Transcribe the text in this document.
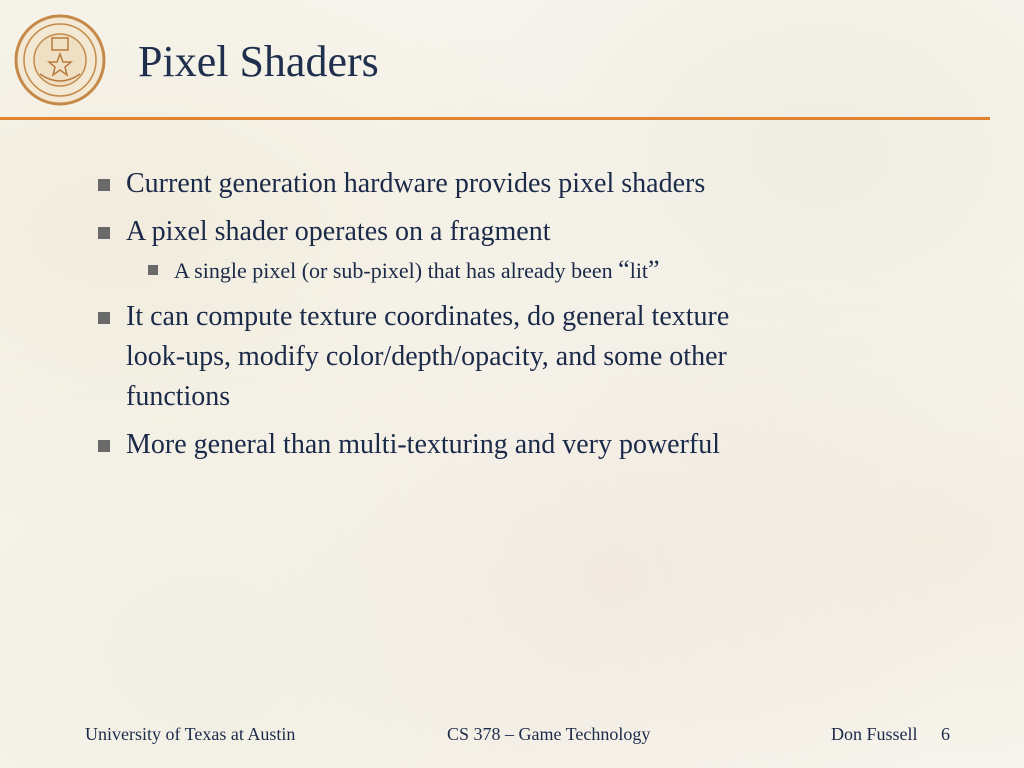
Pixel Shaders
Current generation hardware provides pixel shaders
A pixel shader operates on a fragment
A single pixel (or sub-pixel) that has already been “lit”
It can compute texture coordinates, do general texture
look-ups, modify color/depth/opacity, and some other
functions
More general than multi-texturing and very powerful
University of Texas at Austin	CS 378 – Game Technology	Don Fussell 6
